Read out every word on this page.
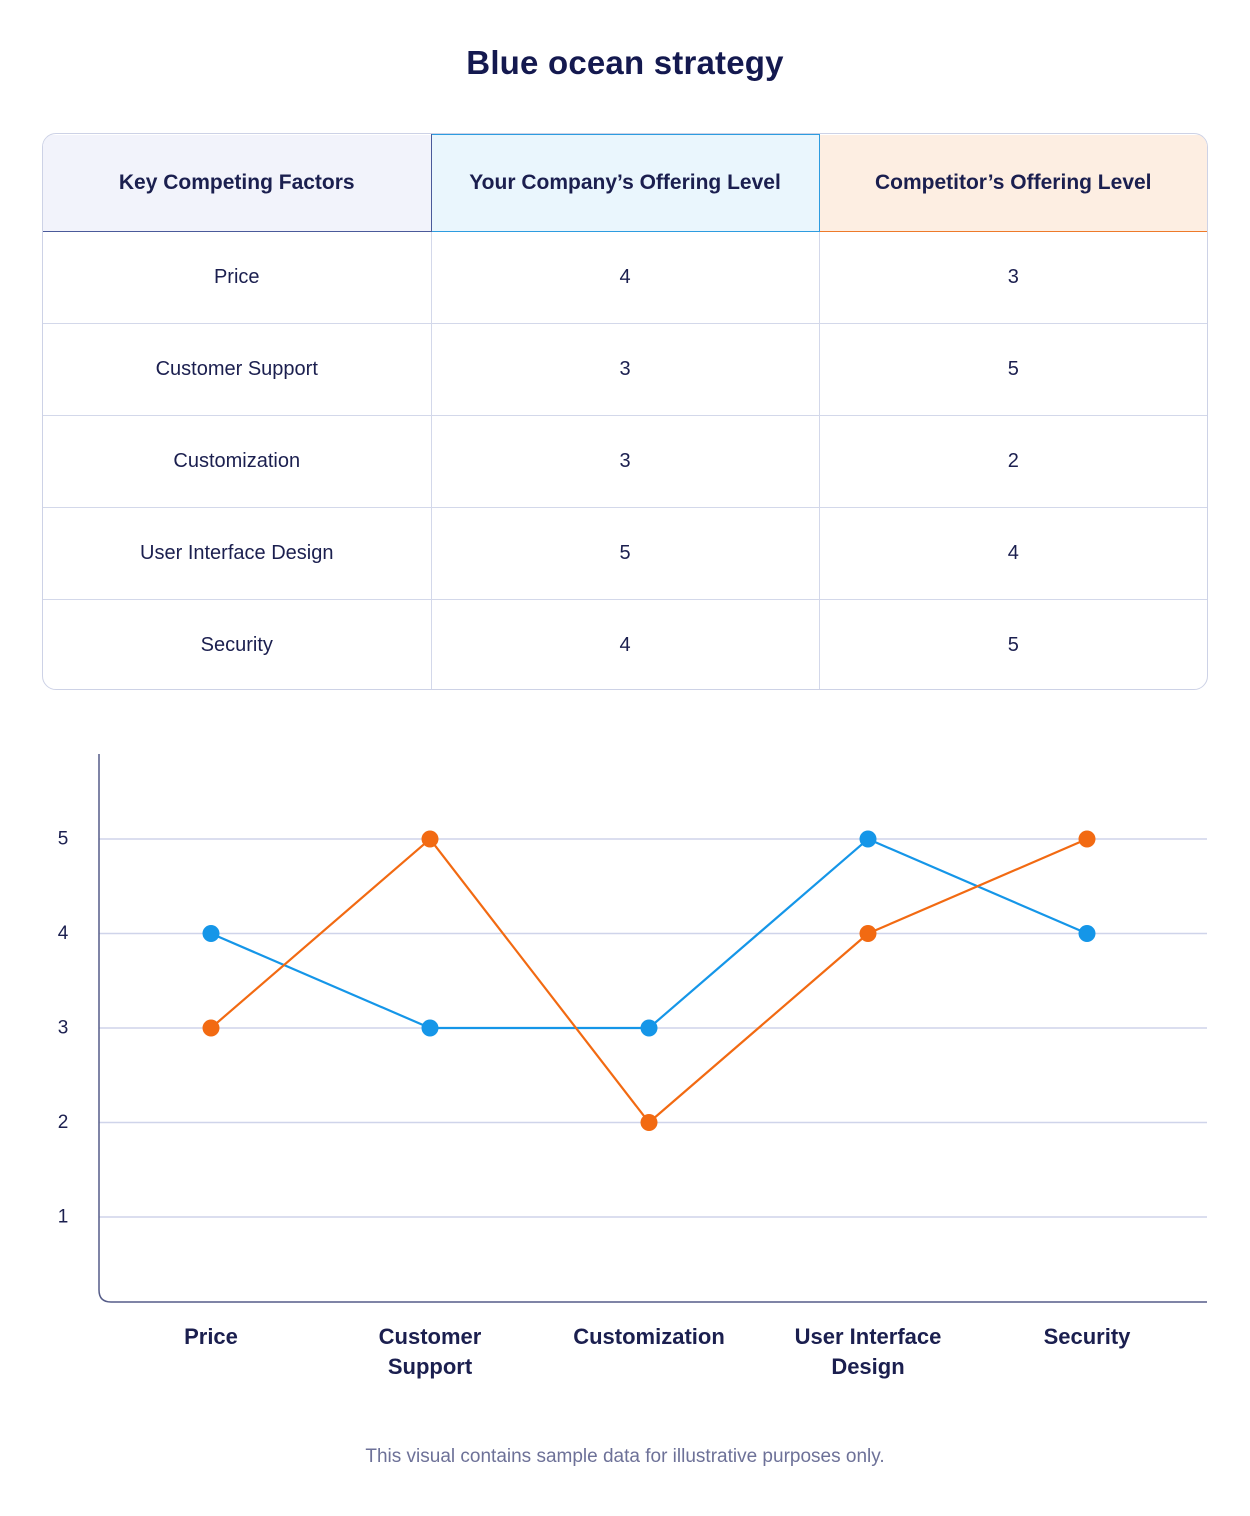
Blue ocean strategy
Key Competing Factors	Your Company’s Offering Level	Competitor’s Offering Level
Price	4	3
Customer Support	3	5
Customization	3	2
User Interface Design	5	4
Security	4	5
1
2
3
4
5
Price	Customer
Support
Customization	User Interface
Design
Security
This visual contains sample data for illustrative purposes only.
